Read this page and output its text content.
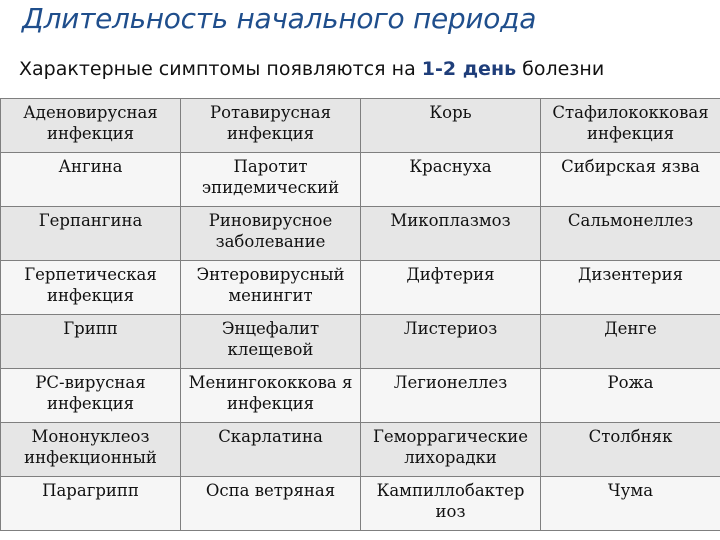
Длительность начального периода
Характерные симптомы появляются на 1-2 день болезни
Аденовирусная инфекция	Ротавирусная инфекция	Корь	Стафилококковая инфекция
Ангина	Паротит эпидемический	Краснуха	Сибирская язва
Герпангина	Риновирусное заболевание	Микоплазмоз	Сальмонеллез
Герпетическая инфекция	Энтеровирусный менингит	Дифтерия	Дизентерия
Грипп	Энцефалит клещевой	Листериоз	Денге
РС-вирусная инфекция	Менингококкова я инфекция	Легионеллез	Рожа
Мононуклеоз инфекционный	Скарлатина	Геморрагические лихорадки	Столбняк
Парагрипп	Оспа ветряная	Кампиллобактер иоз	Чума
